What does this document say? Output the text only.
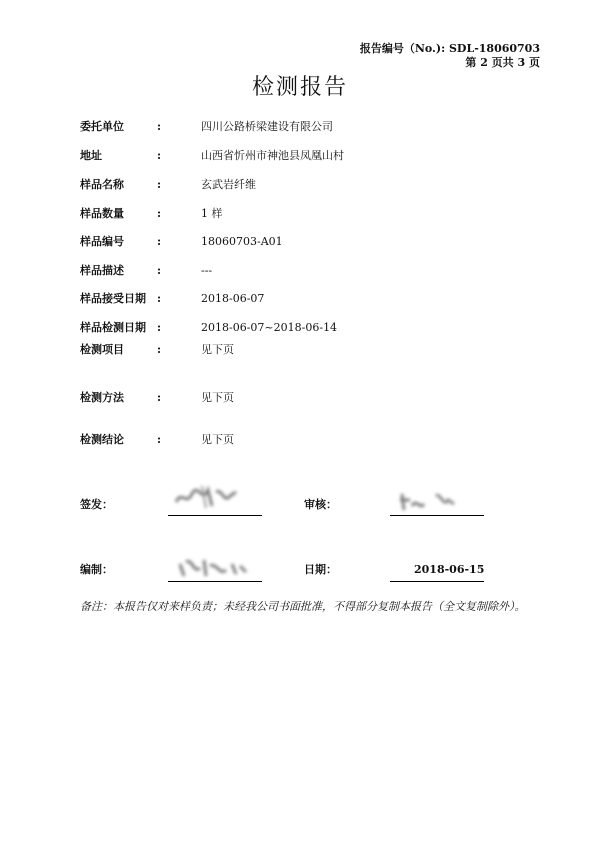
报告编号（No.): SDL-18060703
第 2 页共 3 页
检测报告
委托单位	:	四川公路桥梁建设有限公司
地址	:	山西省忻州市神池县凤凰山村
样品名称	:	玄武岩纤维
样品数量	:	1 样
样品编号	:	18060703-A01
样品描述	:	---
样品接受日期	:	2018-06-07
样品检测日期	:	2018-06-07~2018-06-14
检测项目	:	见下页
检测方法	:	见下页
检测结论	:	见下页
签发：	审核：
编制：	日期：	2018-06-15
备注：本报告仅对来样负责；未经我公司书面批准，不得部分复制本报告（全文复制除外）。
